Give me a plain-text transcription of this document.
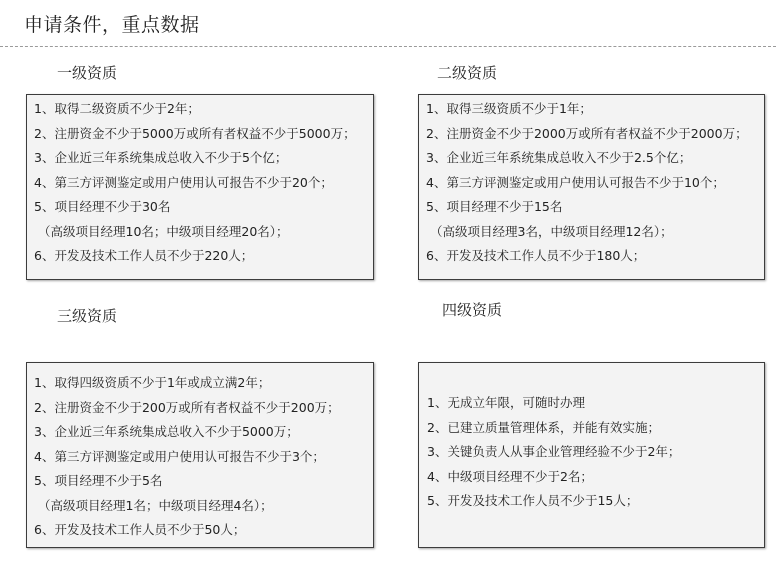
申请条件，重点数据
一级资质
1、取得二级资质不少于2年；
2、注册资金不少于5000万或所有者权益不少于5000万；
3、企业近三年系统集成总收入不少于5个亿；
4、第三方评测鉴定或用户使用认可报告不少于20个；
5、项目经理不少于30名
（高级项目经理10名；中级项目经理20名）；
6、开发及技术工作人员不少于220人；
二级资质
1、取得三级资质不少于1年；
2、注册资金不少于2000万或所有者权益不少于2000万；
3、企业近三年系统集成总收入不少于2.5个亿；
4、第三方评测鉴定或用户使用认可报告不少于10个；
5、项目经理不少于15名
（高级项目经理3名，中级项目经理12名）；
6、开发及技术工作人员不少于180人；
三级资质
1、取得四级资质不少于1年或成立满2年；
2、注册资金不少于200万或所有者权益不少于200万；
3、企业近三年系统集成总收入不少于5000万；
4、第三方评测鉴定或用户使用认可报告不少于3个；
5、项目经理不少于5名
（高级项目经理1名；中级项目经理4名）；
6、开发及技术工作人员不少于50人；
四级资质
1、无成立年限，可随时办理
2、已建立质量管理体系，并能有效实施；
3、关键负责人从事企业管理经验不少于2年；
4、中级项目经理不少于2名；
5、开发及技术工作人员不少于15人；
